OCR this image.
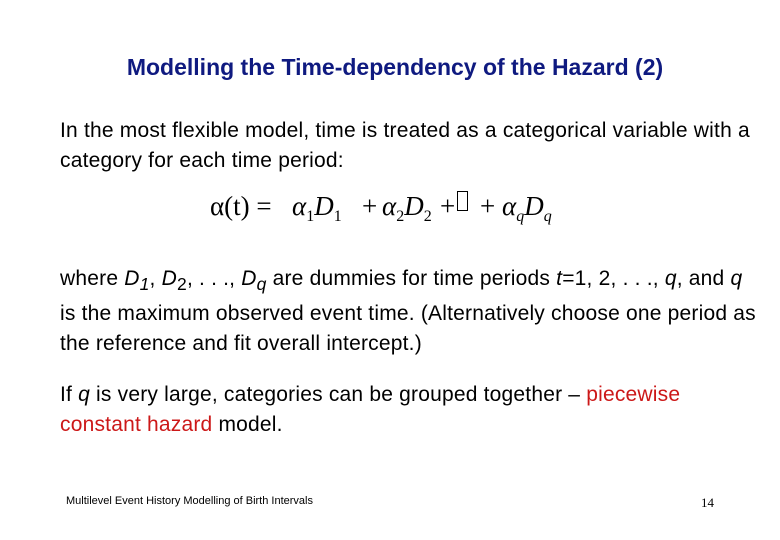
Modelling the Time-dependency of the Hazard (2)
In the most flexible model, time is treated as a categorical variable with a category for each time period:
$\alpha(t) = \alpha_1D_1 + \alpha_2D_2$ + + $\alpha_qD_q$
where $D_1$, $D_2$, . . ., $D_q$ are dummies for time periods t=1, 2, . . ., q, and q is the maximum observed event time. (Alternatively choose one period as the reference and fit overall intercept.)
If q is very large, categories can be grouped together – piecewise constant hazard model.
Multilevel Event History Modelling of Birth Intervals	14
